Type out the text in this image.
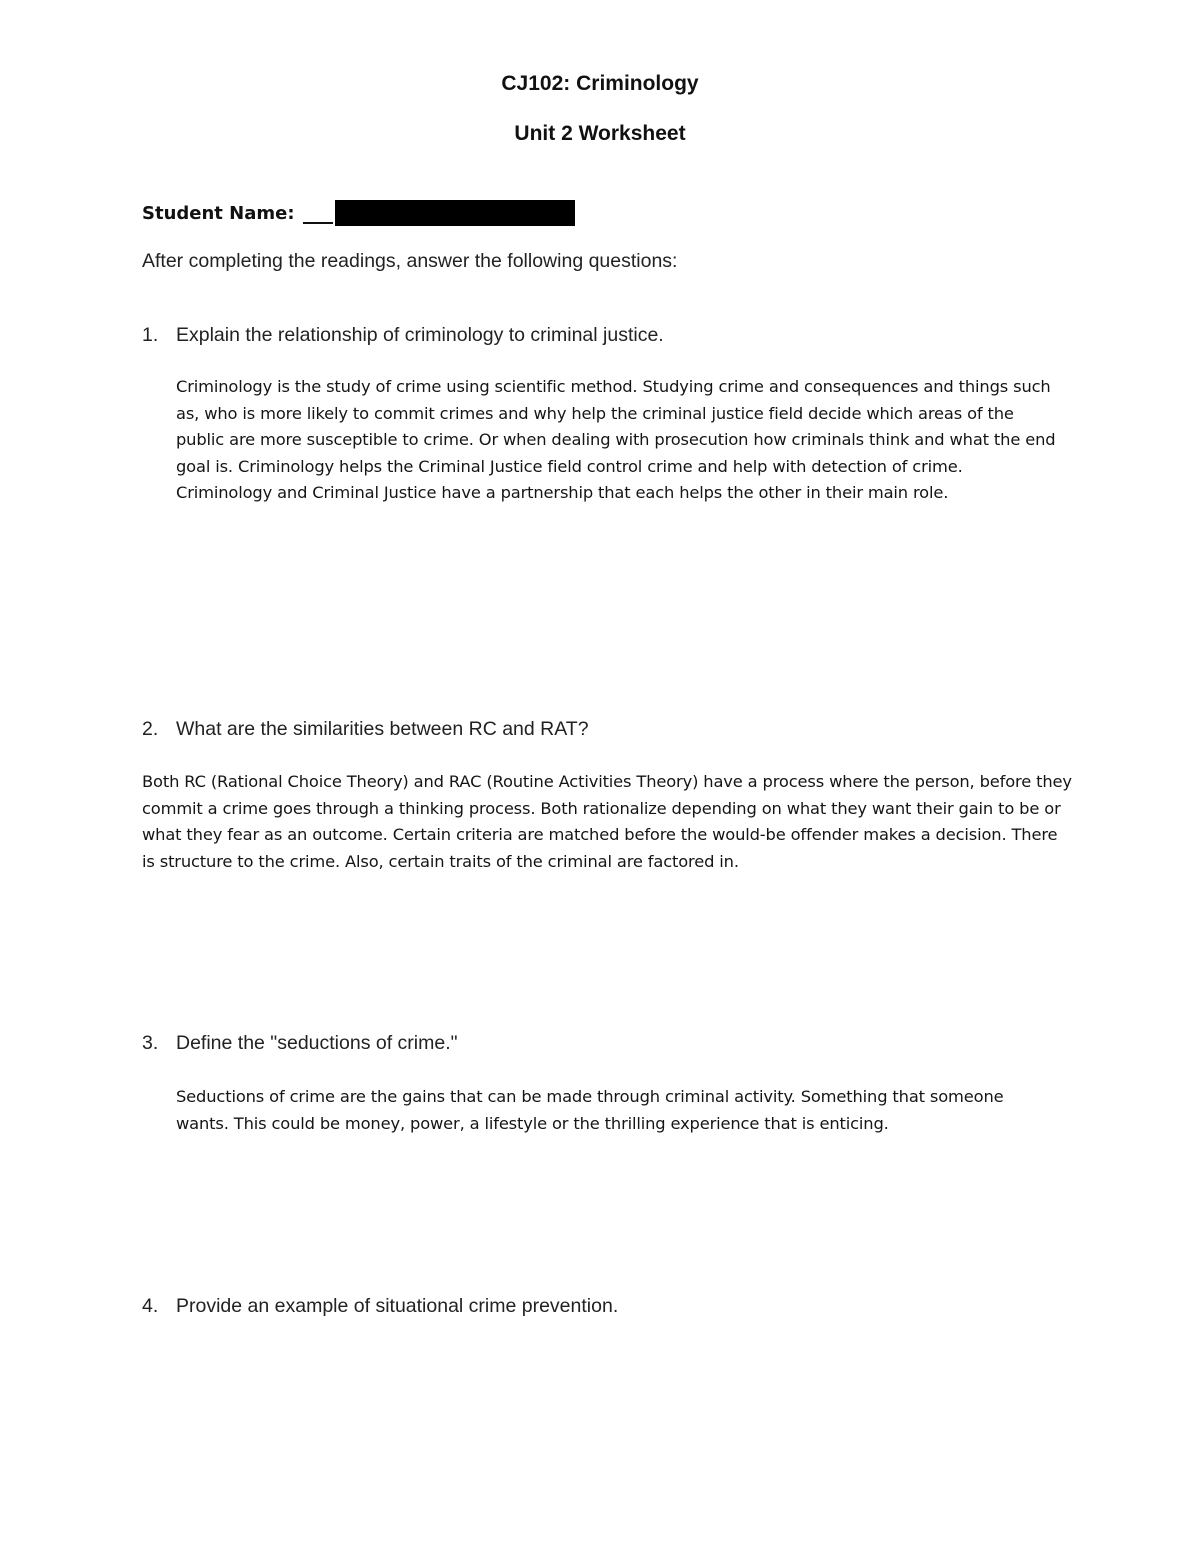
CJ102: Criminology
Unit 2 Worksheet
Student Name:

After completing the readings, answer the following questions:

1. Explain the relationship of criminology to criminal justice.

Criminology is the study of crime using scientific method. Studying crime and consequences and things such as, who is more likely to commit crimes and why help the criminal justice field decide which areas of the public are more susceptible to crime. Or when dealing with prosecution how criminals think and what the end goal is. Criminology helps the Criminal Justice field control crime and help with detection of crime. Criminology and Criminal Justice have a partnership that each helps the other in their main role.

2. What are the similarities between RC and RAT?

Both RC (Rational Choice Theory) and RAC (Routine Activities Theory) have a process where the person, before they commit a crime goes through a thinking process. Both rationalize depending on what they want their gain to be or what they fear as an outcome. Certain criteria are matched before the would-be offender makes a decision. There is structure to the crime. Also, certain traits of the criminal are factored in.

3. Define the "seductions of crime."

Seductions of crime are the gains that can be made through criminal activity. Something that someone wants. This could be money, power, a lifestyle or the thrilling experience that is enticing.

4. Provide an example of situational crime prevention.
